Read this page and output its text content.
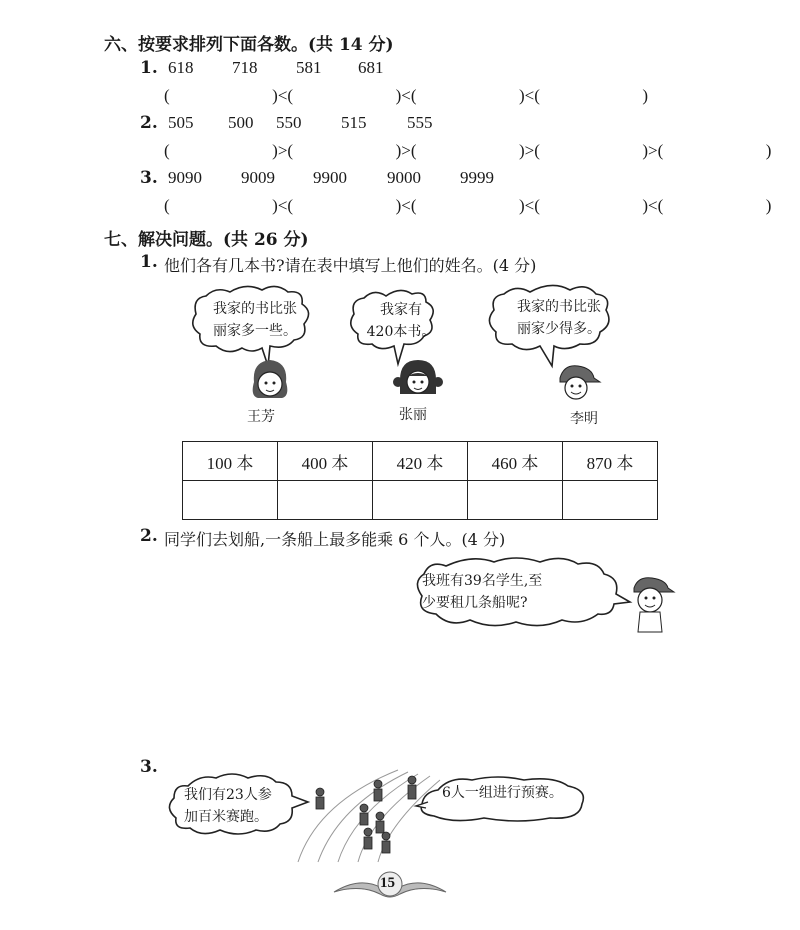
六、按要求排列下面各数。(共 14 分)
1. 618 718 581 681
(          )<(          )<(          )<(          )
2. 505 500 550 515 555
(          )>(          )>(          )>(          )>(          )
3. 9090 9009 9900 9000 9999
(          )<(          )<(          )<(          )<(          )
七、解决问题。(共 26 分)
1. 他们各有几本书?请在表中填写上他们的姓名。(4 分)
我家的书比张
丽家多一些。
我家有
420本书。
我家的书比张
丽家少得多。
王芳	张丽	李明
100 本	400 本	420 本	460 本	870 本

2. 同学们去划船,一条船上最多能乘 6 个人。(4 分)
我班有39名学生,至
少要租几条船呢?
3.
我们有23人参
加百米赛跑。
6人一组进行预赛。
15
